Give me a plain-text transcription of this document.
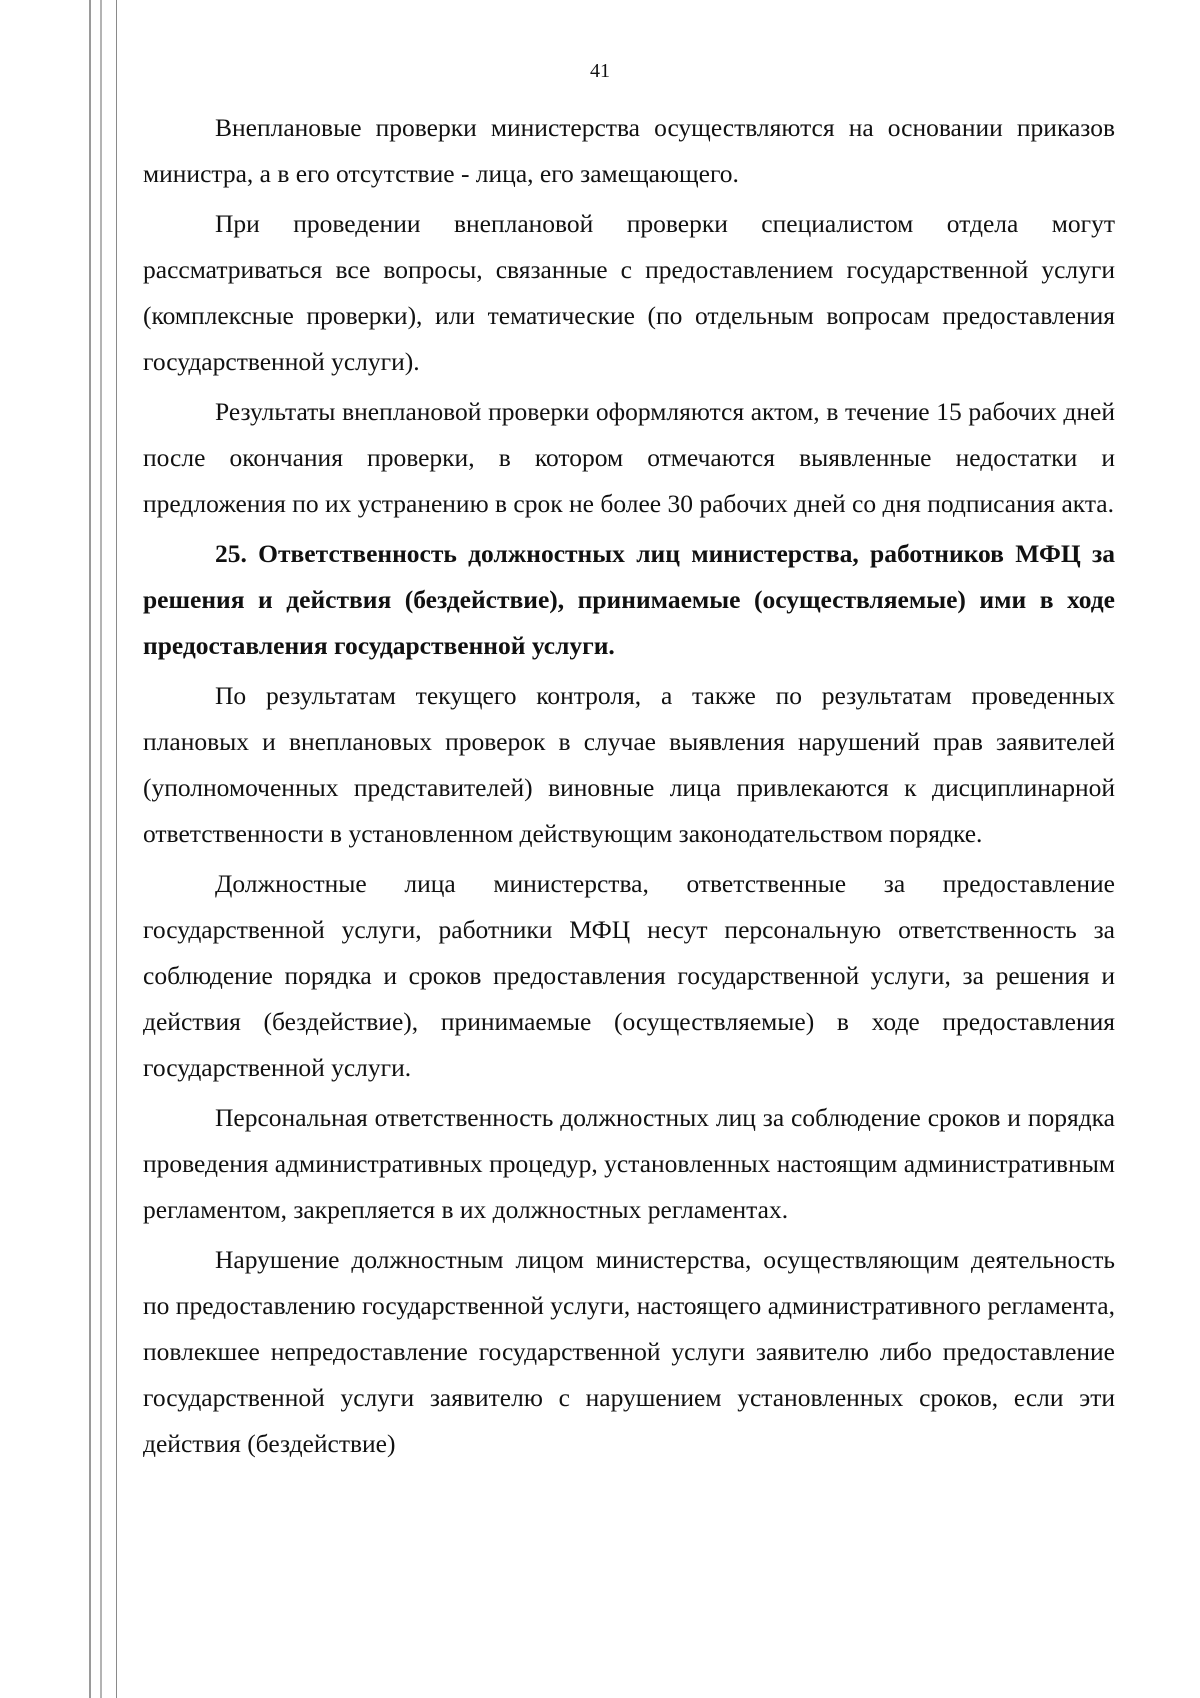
41

Внеплановые проверки министерства осуществляются на основании приказов министра, а в его отсутствие - лица, его замещающего.

При проведении внеплановой проверки специалистом отдела могут рассматриваться все вопросы, связанные с предоставлением государственной услуги (комплексные проверки), или тематические (по отдельным вопросам предоставления государственной услуги).

Результаты внеплановой проверки оформляются актом, в течение 15 рабочих дней после окончания проверки, в котором отмечаются выявленные недостатки и предложения по их устранению в срок не более 30 рабочих дней со дня подписания акта.

25. Ответственность должностных лиц министерства, работников МФЦ за решения и действия (бездействие), принимаемые (осуществляемые) ими в ходе предоставления государственной услуги.

По результатам текущего контроля, а также по результатам проведенных плановых и внеплановых проверок в случае выявления нарушений прав заявителей (уполномоченных представителей) виновные лица привлекаются к дисциплинарной ответственности в установленном действующим законодательством порядке.

Должностные лица министерства, ответственные за предоставление государственной услуги, работники МФЦ несут персональную ответственность за соблюдение порядка и сроков предоставления государственной услуги, за решения и действия (бездействие), принимаемые (осуществляемые) в ходе предоставления государственной услуги.

Персональная ответственность должностных лиц за соблюдение сроков и порядка проведения административных процедур, установленных настоящим административным регламентом, закрепляется в их должностных регламентах.

Нарушение должностным лицом министерства, осуществляющим деятельность по предоставлению государственной услуги, настоящего административного регламента, повлекшее непредоставление государственной услуги заявителю либо предоставление государственной услуги заявителю с нарушением установленных сроков, если эти действия (бездействие)
